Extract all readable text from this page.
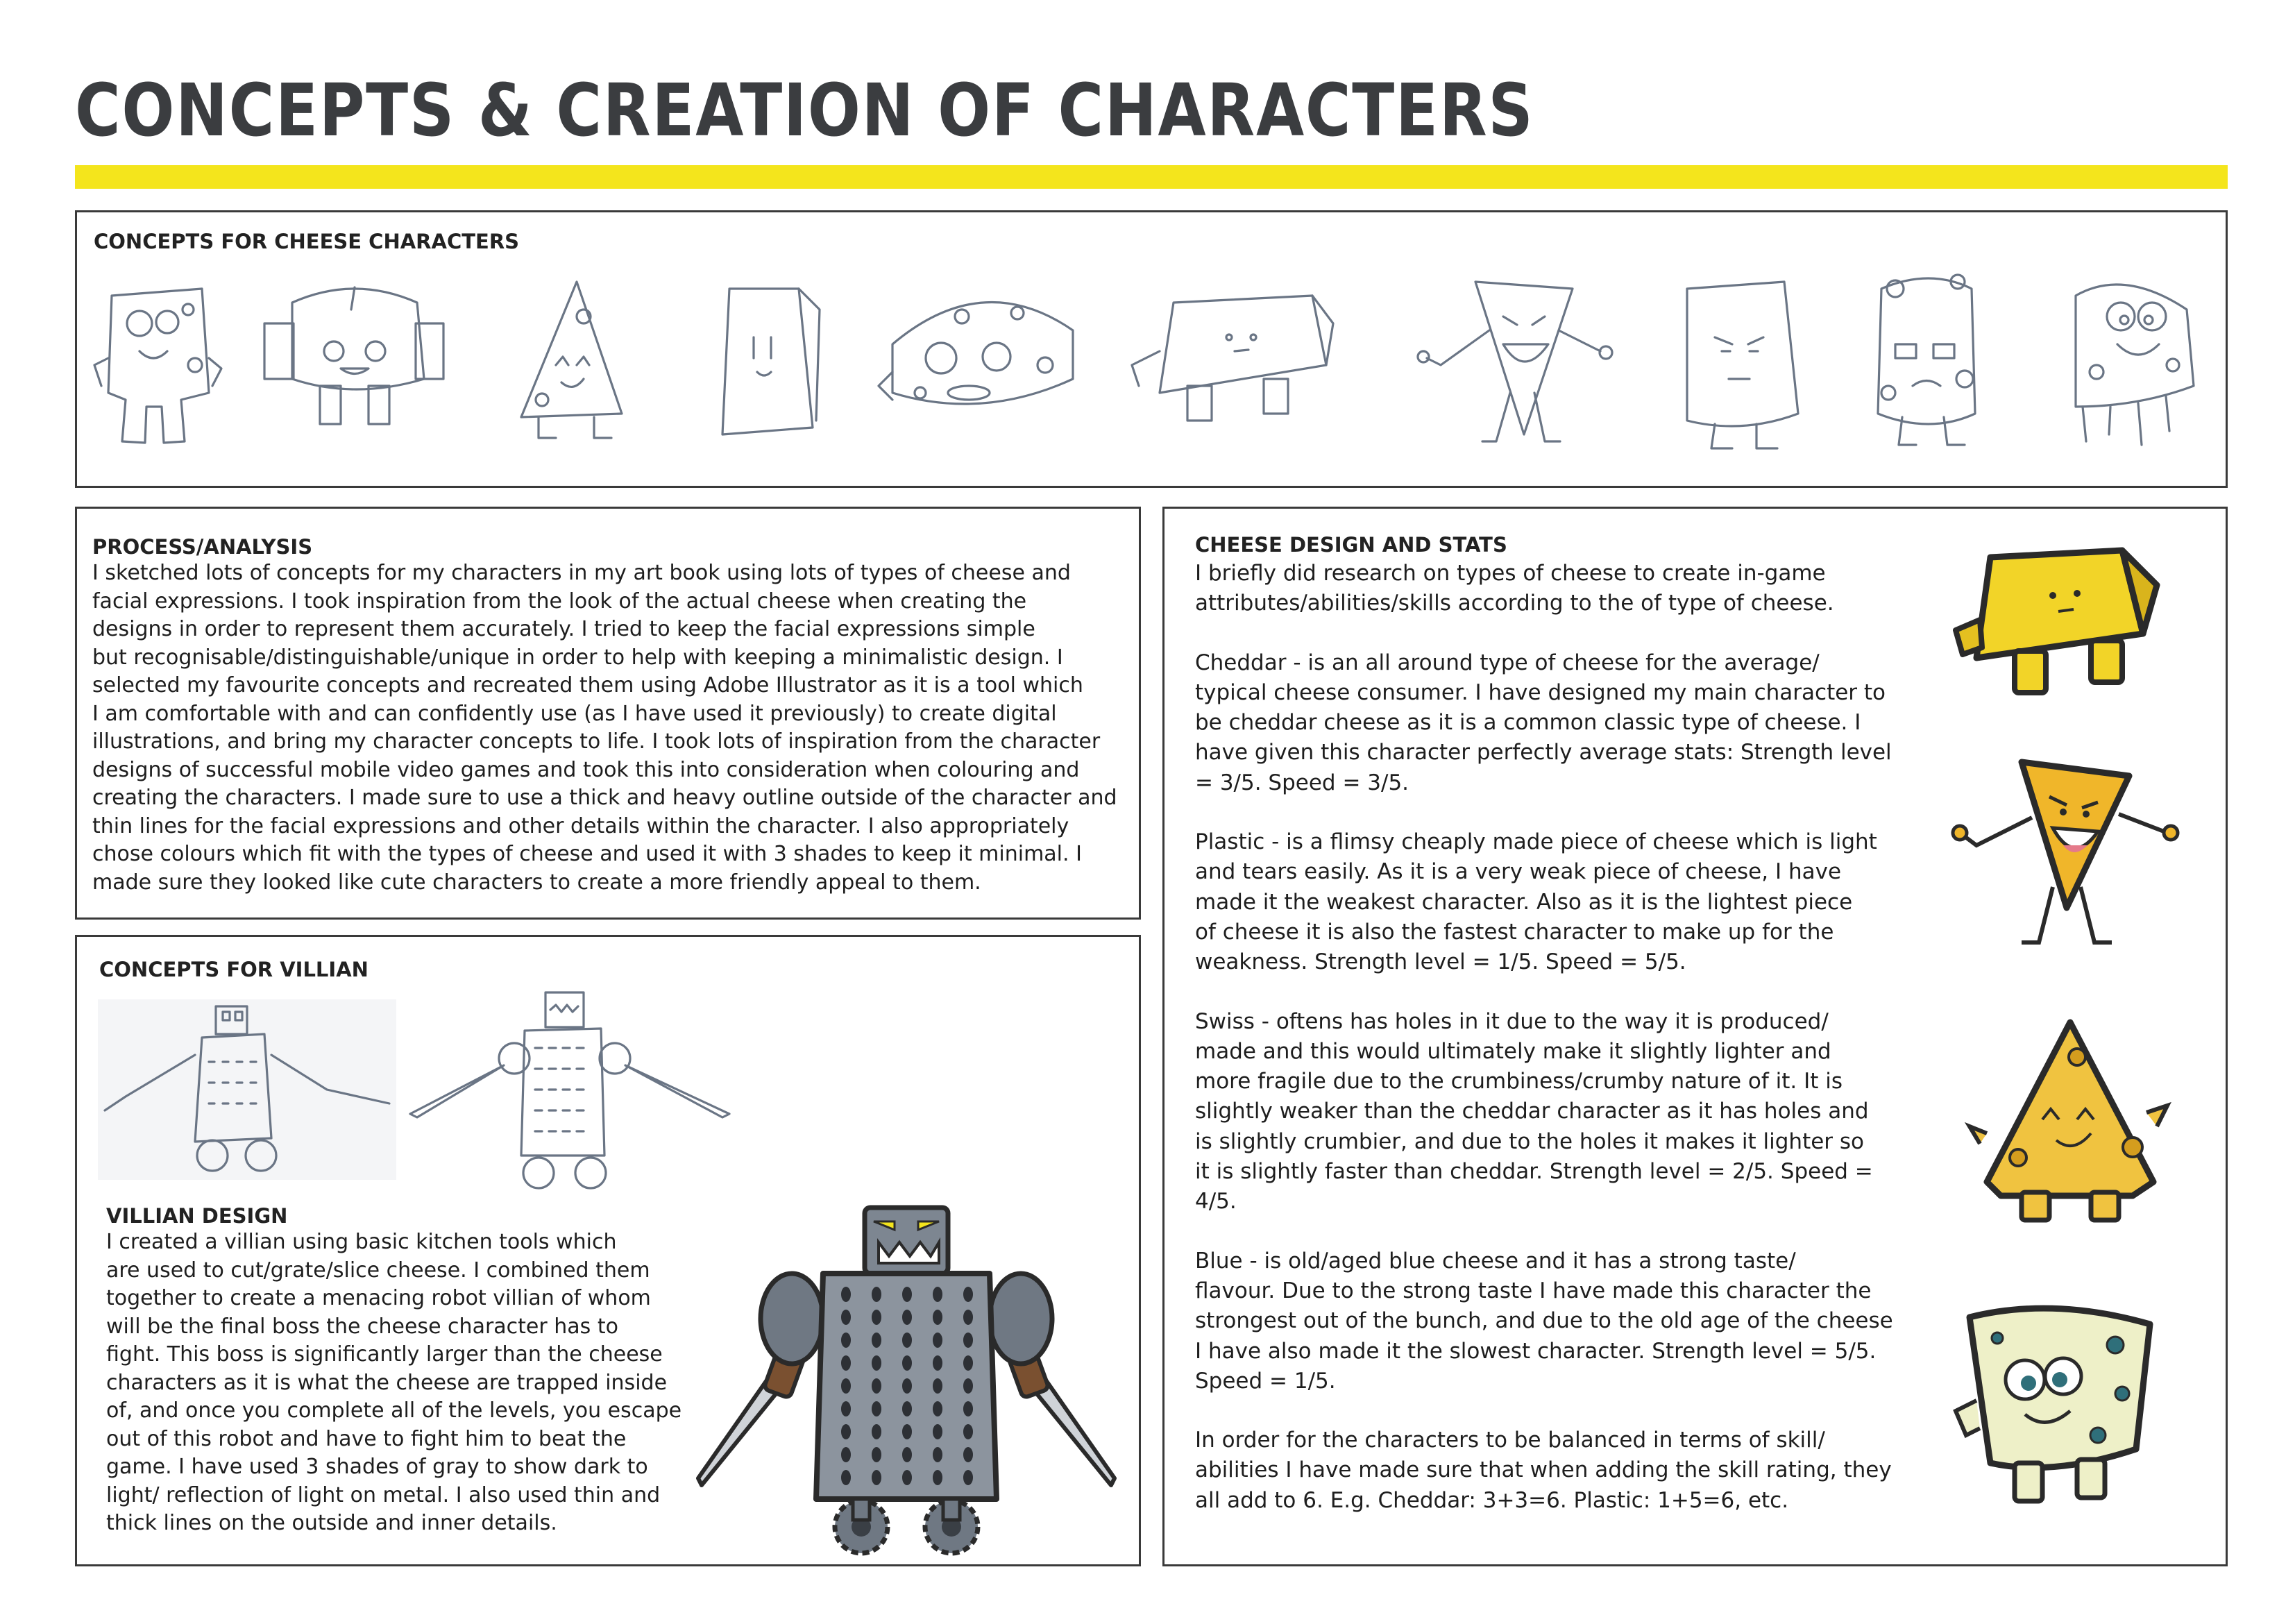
CONCEPTS & CREATION OF CHARACTERS
CONCEPTS FOR CHEESE CHARACTERS
PROCESS/ANALYSIS

I sketched lots of concepts for my characters in my art book using lots of types of cheese and

facial expressions. I took inspiration from the look of the actual cheese when creating the

designs in order to represent them accurately. I tried to keep the facial expressions simple

but recognisable/distinguishable/unique in order to help with keeping a minimalistic design. I

selected my favourite concepts and recreated them using Adobe Illustrator as it is a tool which

I am comfortable with and can confidently use (as I have used it previously) to create digital

illustrations, and bring my character concepts to life. I took lots of inspiration from the character

designs of successful mobile video games and took this into consideration when colouring and

creating the characters. I made sure to use a thick and heavy outline outside of the character and

thin lines for the facial expressions and other details within the character. I also appropriately

chose colours which fit with the types of cheese and used it with 3 shades to keep it minimal. I

made sure they looked like cute characters to create a more friendly appeal to them.

CONCEPTS FOR VILLIAN
VILLIAN DESIGN

I created a villian using basic kitchen tools which

are used to cut/grate/slice cheese. I combined them

together to create a menacing robot villian of whom

will be the final boss the cheese character has to

fight. This boss is significantly larger than the cheese

characters as it is what the cheese are trapped inside

of, and once you complete all of the levels, you escape

out of this robot and have to fight him to beat the

game. I have used 3 shades of gray to show dark to

light/ reflection of light on metal. I also used thin and

thick lines on the outside and inner details.

CHEESE DESIGN AND STATS

I briefly did research on types of cheese to create in-game

attributes/abilities/skills according to the of type of cheese.

Cheddar - is an all around type of cheese for the average/

typical cheese consumer. I have designed my main character to

be cheddar cheese as it is a common classic type of cheese. I

have given this character perfectly average stats: Strength level

= 3/5. Speed = 3/5.

Plastic - is a flimsy cheaply made piece of cheese which is light

and tears easily. As it is a very weak piece of cheese, I have

made it the weakest character. Also as it is the lightest piece

of cheese it is also the fastest character to make up for the

weakness. Strength level = 1/5. Speed = 5/5.

Swiss - oftens has holes in it due to the way it is produced/

made and this would ultimately make it slightly lighter and

more fragile due to the crumbiness/crumby nature of it. It is

slightly weaker than the cheddar character as it has holes and

is slightly crumbier, and due to the holes it makes it lighter so

it is slightly faster than cheddar. Strength level = 2/5. Speed =

4/5.

Blue - is old/aged blue cheese and it has a strong taste/

flavour. Due to the strong taste I have made this character the

strongest out of the bunch, and due to the old age of the cheese

I have also made it the slowest character. Strength level = 5/5.

Speed = 1/5.

In order for the characters to be balanced in terms of skill/

abilities I have made sure that when adding the skill rating, they

all add to 6. E.g. Cheddar: 3+3=6. Plastic: 1+5=6, etc.
